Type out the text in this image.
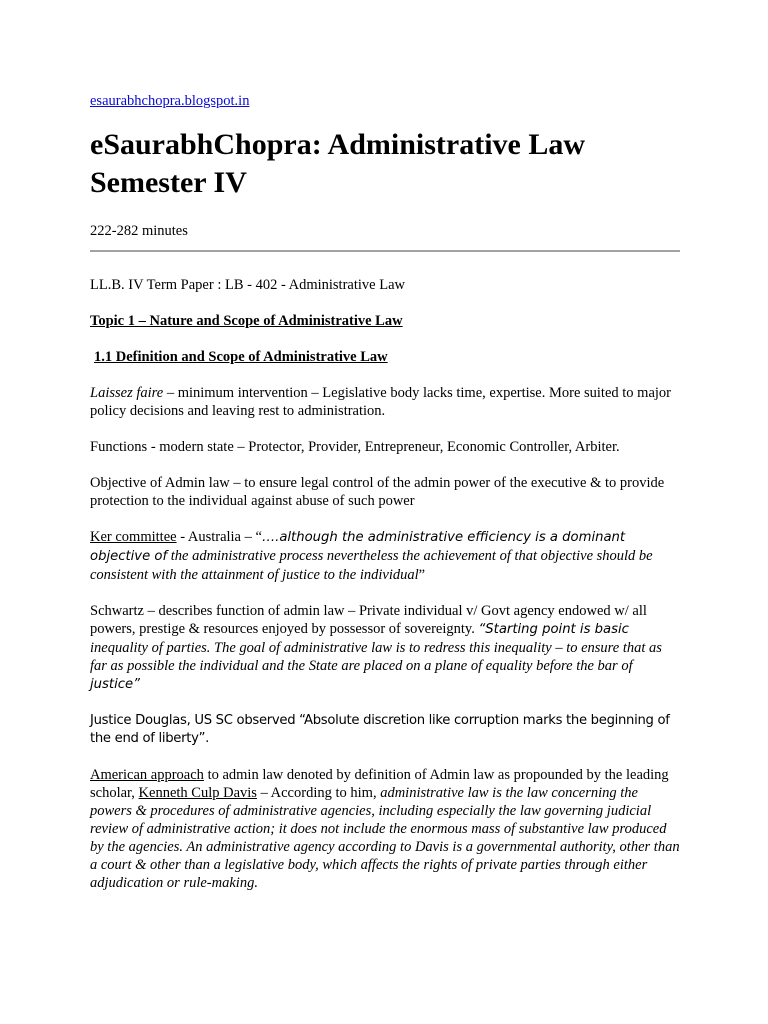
esaurabhchopra.blogspot.in
eSaurabhChopra: Administrative Law
Semester IV
222-282 minutes

LL.B. IV Term Paper : LB - 402 - Administrative Law

Topic 1 – Nature and Scope of Administrative Law

1.1 Definition and Scope of Administrative Law

Laissez faire – minimum intervention – Legislative body lacks time, expertise. More suited to major policy decisions and leaving rest to administration.

Functions - modern state – Protector, Provider, Entrepreneur, Economic Controller, Arbiter.

Objective of Admin law – to ensure legal control of the admin power of the executive & to provide protection to the individual against abuse of such power

Ker committee - Australia – “….although the administrative efficiency is a dominant objective of the administrative process nevertheless the achievement of that objective should be consistent with the attainment of justice to the individual”

Schwartz – describes function of admin law – Private individual v/ Govt agency endowed w/ all powers, prestige & resources enjoyed by possessor of sovereignty. “Starting point is basic inequality of parties. The goal of administrative law is to redress this inequality – to ensure that as far as possible the individual and the State are placed on a plane of equality before the bar of justice”

Justice Douglas, US SC observed “Absolute discretion like corruption marks the beginning of the end of liberty”.

American approach to admin law denoted by definition of Admin law as propounded by the leading scholar, Kenneth Culp Davis – According to him, administrative law is the law concerning the powers & procedures of administrative agencies, including especially the law governing judicial review of administrative action; it does not include the enormous mass of substantive law produced by the agencies. An administrative agency according to Davis is a governmental authority, other than a court & other than a legislative body, which affects the rights of private parties through either adjudication or rule-making.
